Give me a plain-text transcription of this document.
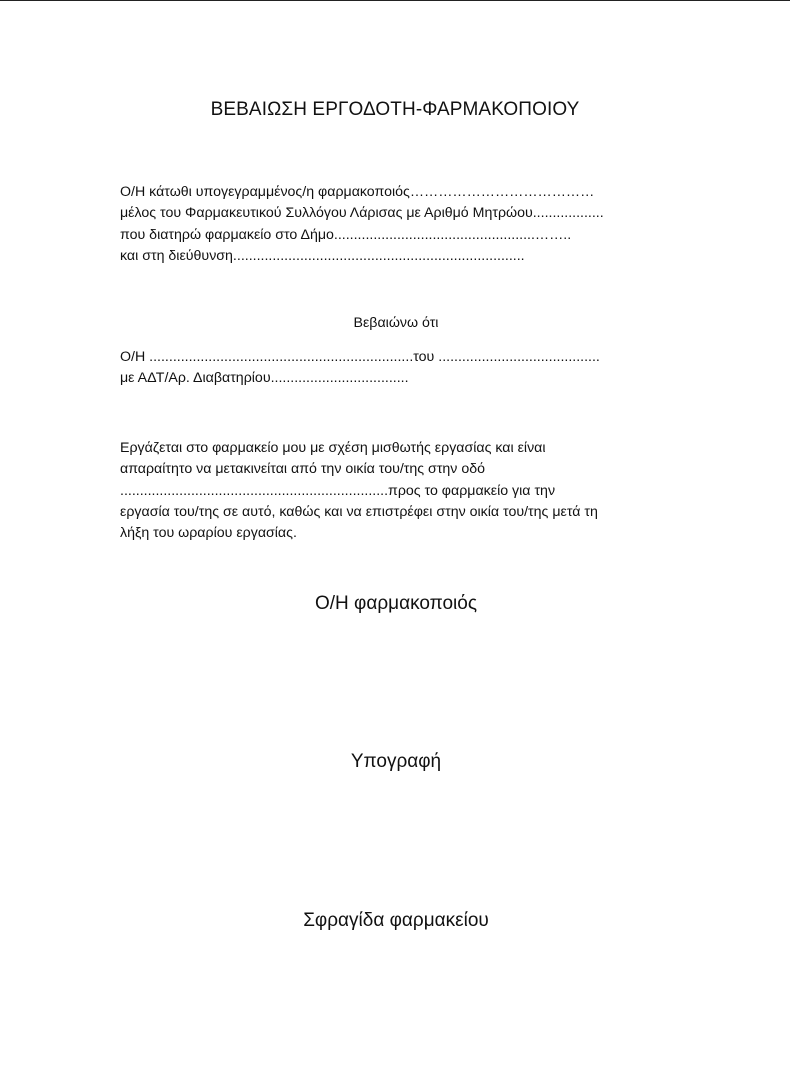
ΒΕΒΑΙΩΣΗ ΕΡΓΟΔΟΤΗ-ΦΑΡΜΑΚΟΠΟΙΟΥ
Ο/Η κάτωθι υπογεγραμμένος/η φαρμακοποιός…………………………………
μέλος του Φαρμακευτικού Συλλόγου Λάρισας με Αριθμό Μητρώου..................
που διατηρώ φαρμακείο στο Δήμο...................................................……..
και στη διεύθυνση..........................................................................
Βεβαιώνω ότι
Ο/Η ...................................................................του .........................................
με ΑΔΤ/Αρ. Διαβατηρίου...................................
Εργάζεται στο φαρμακείο μου με σχέση μισθωτής εργασίας και είναι
απαραίτητο να μετακινείται από την οικία του/της στην οδό
....................................................................προς το φαρμακείο για την
εργασία του/της σε αυτό, καθώς και να επιστρέφει στην οικία του/της μετά τη
λήξη του ωραρίου εργασίας.
Ο/Η φαρμακοποιός
Υπογραφή
Σφραγίδα φαρμακείου
